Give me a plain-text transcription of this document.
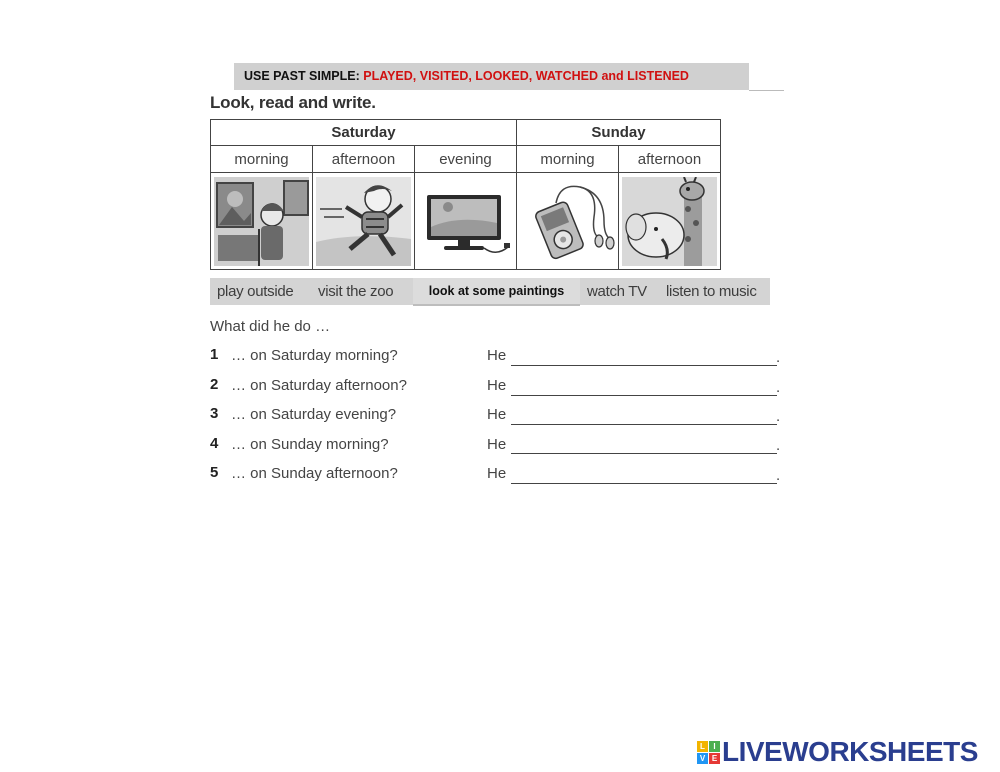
USE PAST SIMPLE: PLAYED, VISITED, LOOKED, WATCHED and LISTENED
Look, read and write.
Saturday			Sunday	
morning	afternoon	evening	morning	afternoon

play outside visit the zoo	watch TV listen to music
look at some paintings
What did he do …
1 … on Saturday morning?	He	.
2 … on Saturday afternoon?	He	.
3 … on Saturday evening?	He	.
4 … on Sunday morning?	He	.
5 … on Sunday afternoon?	He	.
L	I
V E LIVEWORKSHEETS
